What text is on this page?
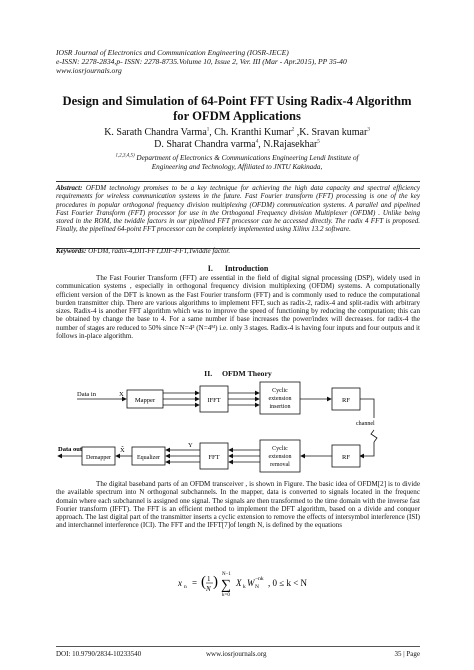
IOSR Journal of Electronics and Communication Engineering (IOSR-JECE)
e-ISSN: 2278-2834,p- ISSN: 2278-8735.Volume 10, Issue 2, Ver. III (Mar - Apr.2015), PP 35-40
www.iosrjournals.org
Design and Simulation of 64-Point FFT Using Radix-4 Algorithm
for OFDM Applications
K. Sarath Chandra Varma$^1$, Ch. Kranthi Kumar$^2$ ,K. Sravan kumar$^3$
D. Sharat Chandra varma$^4$, N.Rajasekhar$^5$
$^{1,2,3,4,5)}$ Department of Electronics & Communications Engineering Lendi Institute of
Engineering and Technology, Affiliated to JNTU Kakinada,
Abstract: OFDM technology promises to be a key technique for achieving the high data capacity and spectral efficiency requirements for wireless communication systems in the future. Fast Fourier transform (FFT) processing is one of the key procedures in popular orthogonal frequency division multiplexing (OFDM) communication systems. A parallel and pipelined Fast Fourier Transform (FFT) processor for use in the Orthogonal Frequency division Multiplexer (OFDM) . Unlike being stored in the ROM, the twiddle factors in our pipelined FFT processor can be accessed directly. The radix 4 FFT is proposed. Finally, the pipelined 64-point FFT processor can be completely implemented using Xilinx 13.2 software.
Keywords: OFDM, radix-4,DIT-FFT,DIF-FFT,Twiddle factor.
I. Introduction
The Fast Fourier Transform (FFT) are essential in the field of digital signal processing (DSP), widely used in communication systems , especially in orthogonal frequency division multiplexing (OFDM) systems. A computationally efficient version of the DFT is known as the Fast Fourier transform (FFT) and is commonly used to reduce the computational burden transmitter chip. There are various algorithms to implement FFT, such as radix-2, radix-4 and split-radix with arbitrary sizes. Radix-4 is another FFT algorithm which was to improve the speed of functioning by reducing the computation; this can be obtained by change the base to 4. For a same number if base increases the power/index will decreases. for radix-4 the number of stages are reduced to 50% since N=4³ (N=4ᴹ) i.e. only 3 stages. Radix-4 is having four inputs and four outputs and it follows in-place algorithm.
II. OFDM Theory
Data in	X
Mapper	IFFT
Cyclic
extension
insertion
RF
channel
RF
Cyclic
extension
removal
FFT
Y
Equalizer
X̂
Demapper
Data out
The digital baseband parts of an OFDM transceiver , is shown in Figure. The basic idea of OFDM[2] is to divide the available spectrum into N orthogonal subchannels. In the mapper, data is converted to signals located in the frequenc domain where each subchannel is assigned one signal. The signals are then transformed to the time domain with the inverse fast Fourier transform (IFFT). The FFT is an efficient method to implement the DFT algorithm, based on a divide and conquer approach. The last digital part of the transmitter inserts a cyclic extension to remove the effects of intersymbol interference (ISI) and interchannel interference (ICI). The FFT and the IFFT[7]of length N, is defined by the equations
x n = ( 1
N ) ∑
N−1
k=0
X k W N
−nk , 0 ≤ k < N
DOI: 10.9790/2834-10233540	www.iosrjournals.org	35 | Page
